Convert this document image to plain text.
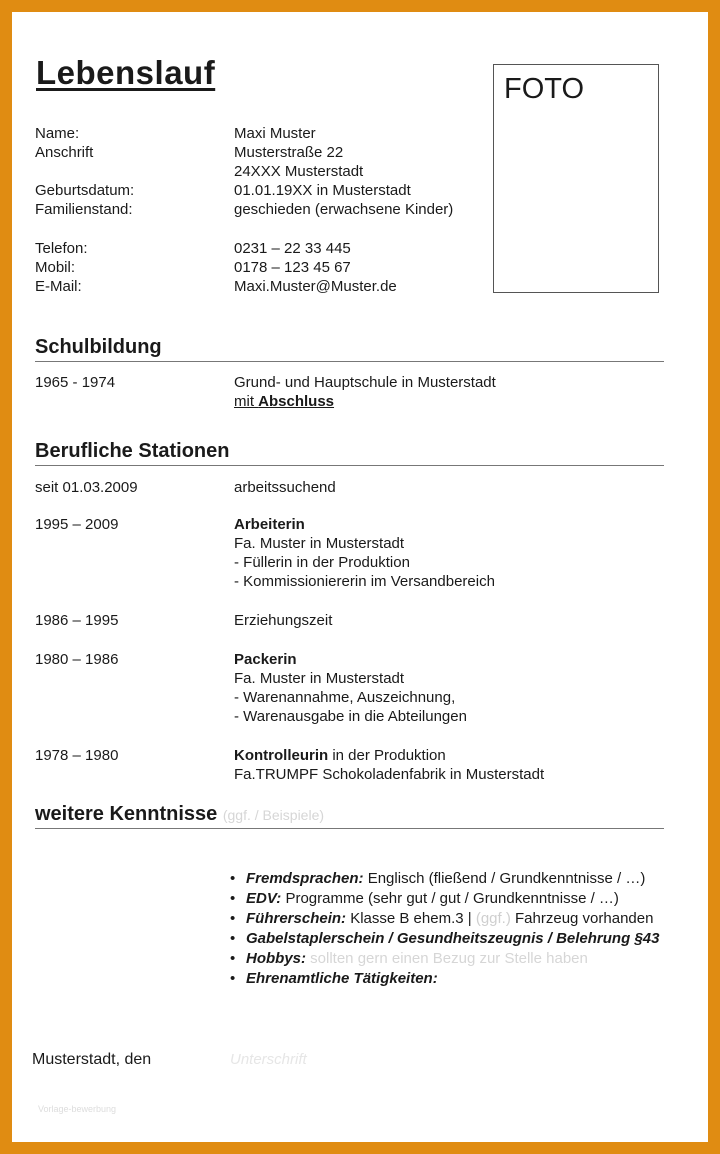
Lebenslauf	FOTO
Name:	Maxi Muster
Anschrift	Musterstraße 22
24XXX Musterstadt
Geburtsdatum:	01.01.19XX in Musterstadt
Familienstand:	geschieden (erwachsene Kinder)
Telefon:	0231 – 22 33 445
Mobil:	0178 – 123 45 67
E-Mail:	Maxi.Muster@Muster.de
Schulbildung
1965 - 1974	Grund- und Hauptschule in Musterstadt
mit Abschluss
Berufliche Stationen
seit 01.03.2009	arbeitssuchend
1995 – 2009	Arbeiterin
Fa. Muster in Musterstadt
- Füllerin in der Produktion
- Kommissioniererin im Versandbereich
1986 – 1995	Erziehungszeit
1980 – 1986	Packerin
Fa. Muster in Musterstadt
- Warenannahme, Auszeichnung,
- Warenausgabe in die Abteilungen
1978 – 1980	Kontrolleurin in der Produktion
Fa.TRUMPF Schokoladenfabrik in Musterstadt
weitere Kenntnisse (ggf. / Beispiele)
• Fremdsprachen: Englisch (fließend / Grundkenntnisse / …)
• EDV: Programme (sehr gut / gut / Grundkenntnisse / …)
• Führerschein: Klasse B ehem.3 | (ggf.) Fahrzeug vorhanden
• Gabelstaplerschein / Gesundheitszeugnis / Belehrung §43
• Hobbys: sollten gern einen Bezug zur Stelle haben
• Ehrenamtliche Tätigkeiten:
Musterstadt, den	Unterschrift
Vorlage-bewerbung
